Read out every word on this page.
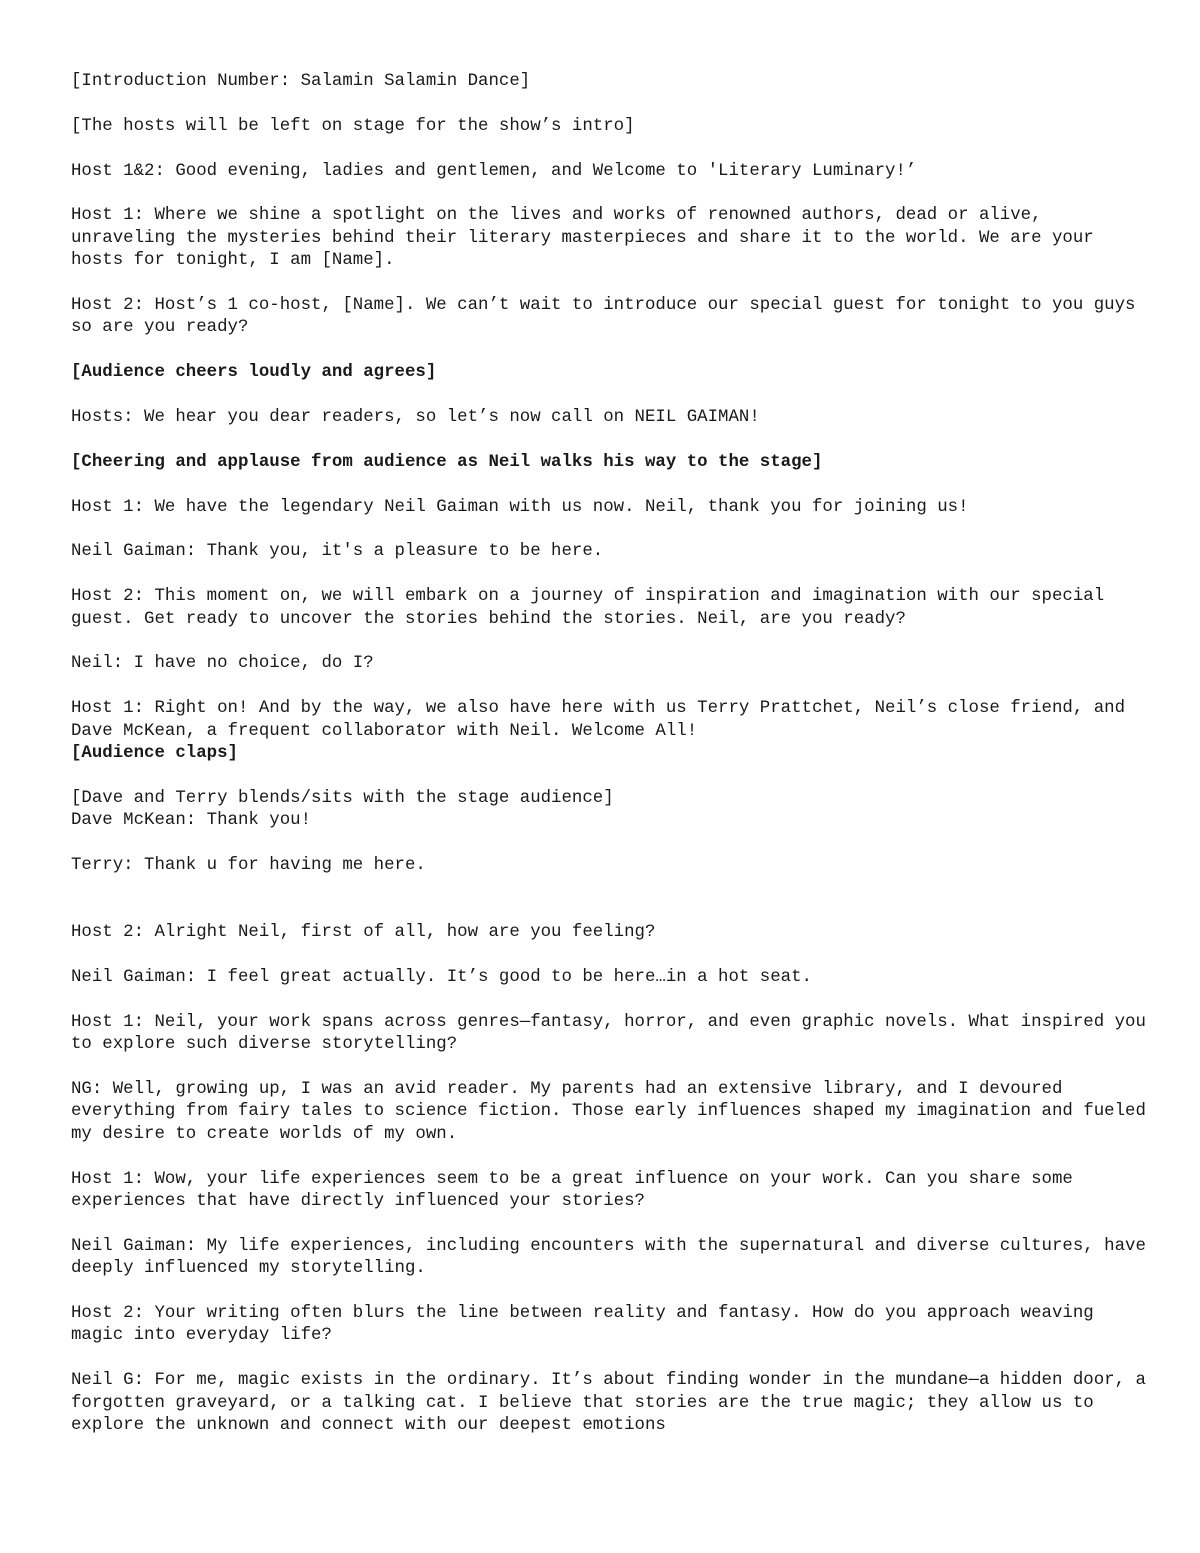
[Introduction Number: Salamin Salamin Dance]

[The hosts will be left on stage for the show’s intro]

Host 1&2: Good evening, ladies and gentlemen, and Welcome to 'Literary Luminary!’

Host 1: Where we shine a spotlight on the lives and works of renowned authors, dead or alive, unraveling the mysteries behind their literary masterpieces and share it to the world. We are your hosts for tonight, I am [Name].

Host 2: Host’s 1 co-host, [Name]. We can’t wait to introduce our special guest for tonight to you guys so are you ready?

[Audience cheers loudly and agrees]

Hosts: We hear you dear readers, so let’s now call on NEIL GAIMAN!

[Cheering and applause from audience as Neil walks his way to the stage]

Host 1: We have the legendary Neil Gaiman with us now. Neil, thank you for joining us!

Neil Gaiman: Thank you, it's a pleasure to be here.

Host 2: This moment on, we will embark on a journey of inspiration and imagination with our special guest. Get ready to uncover the stories behind the stories. Neil, are you ready?

Neil: I have no choice, do I?

Host 1: Right on! And by the way, we also have here with us Terry Prattchet, Neil’s close friend, and Dave McKean, a frequent collaborator with Neil. Welcome All!

[Audience claps]

[Dave and Terry blends/sits with the stage audience]

Dave McKean: Thank you!

Terry: Thank u for having me here.

Host 2: Alright Neil, first of all, how are you feeling?

Neil Gaiman: I feel great actually. It’s good to be here…in a hot seat.

Host 1: Neil, your work spans across genres—fantasy, horror, and even graphic novels. What inspired you to explore such diverse storytelling?

NG: Well, growing up, I was an avid reader. My parents had an extensive library, and I devoured everything from fairy tales to science fiction. Those early influences shaped my imagination and fueled my desire to create worlds of my own.

Host 1: Wow, your life experiences seem to be a great influence on your work. Can you share some experiences that have directly influenced your stories?

Neil Gaiman: My life experiences, including encounters with the supernatural and diverse cultures, have deeply influenced my storytelling.

Host 2: Your writing often blurs the line between reality and fantasy. How do you approach weaving magic into everyday life?

Neil G: For me, magic exists in the ordinary. It’s about finding wonder in the mundane—a hidden door, a forgotten graveyard, or a talking cat. I believe that stories are the true magic; they allow us to explore the unknown and connect with our deepest emotions
